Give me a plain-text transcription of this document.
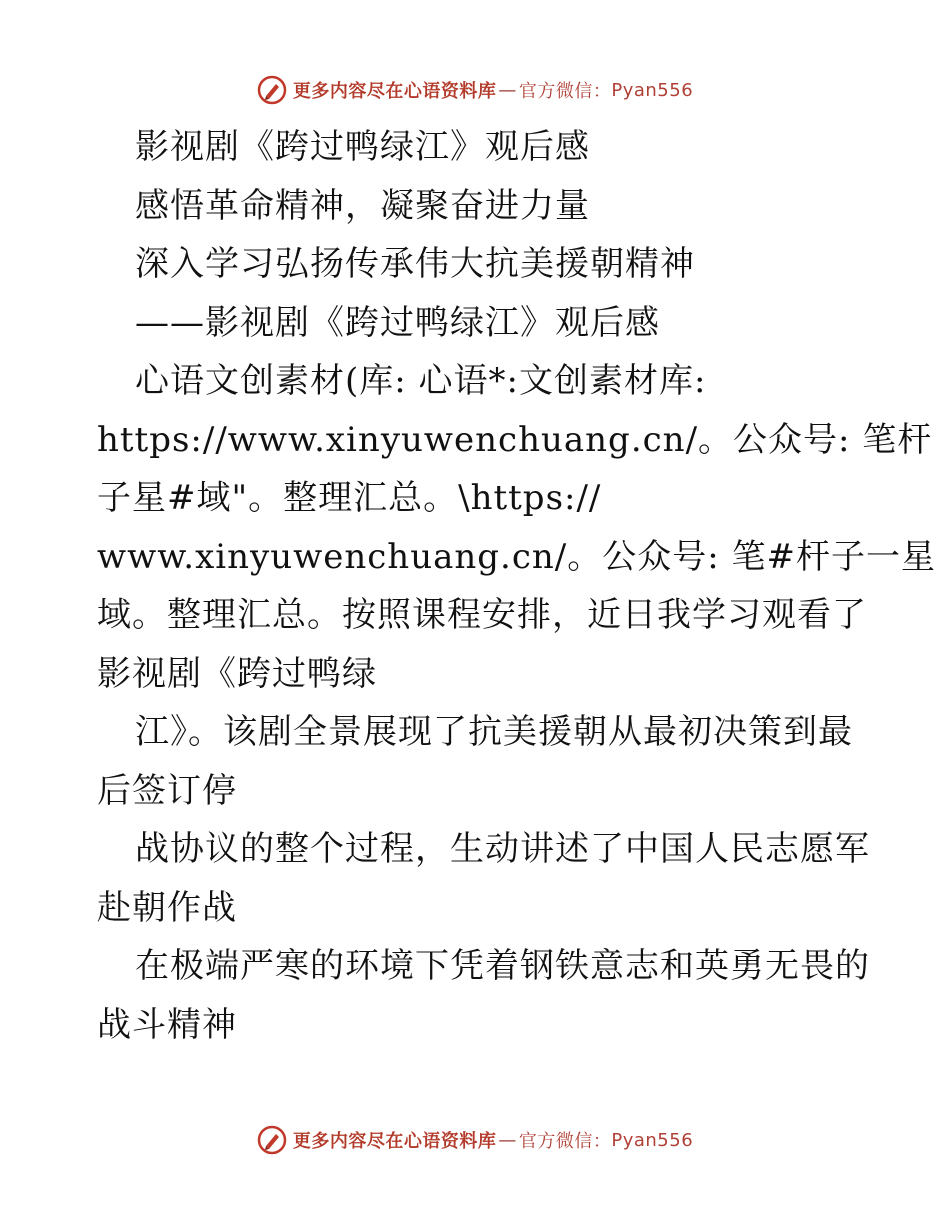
更多内容尽在心语资料库 — 官方微信： Pyan556
影视剧《跨过鸭绿江》观后感
感悟革命精神，凝聚奋进力量
深入学习弘扬传承伟大抗美援朝精神
——影视剧《跨过鸭绿江》观后感
心语文创素材(库: 心语*:文创素材库:
https://www.xinyuwenchuang.cn/。公众号: 笔杆
子星#域"。整理汇总。\https://
www.xinyuwenchuang.cn/。公众号: 笔#杆子一星
域。整理汇总。按照课程安排，近日我学习观看了
影视剧《跨过鸭绿
江》。该剧全景展现了抗美援朝从最初决策到最
后签订停
战协议的整个过程，生动讲述了中国人民志愿军
赴朝作战
在极端严寒的环境下凭着钢铁意志和英勇无畏的
战斗精神
更多内容尽在心语资料库 — 官方微信： Pyan556
